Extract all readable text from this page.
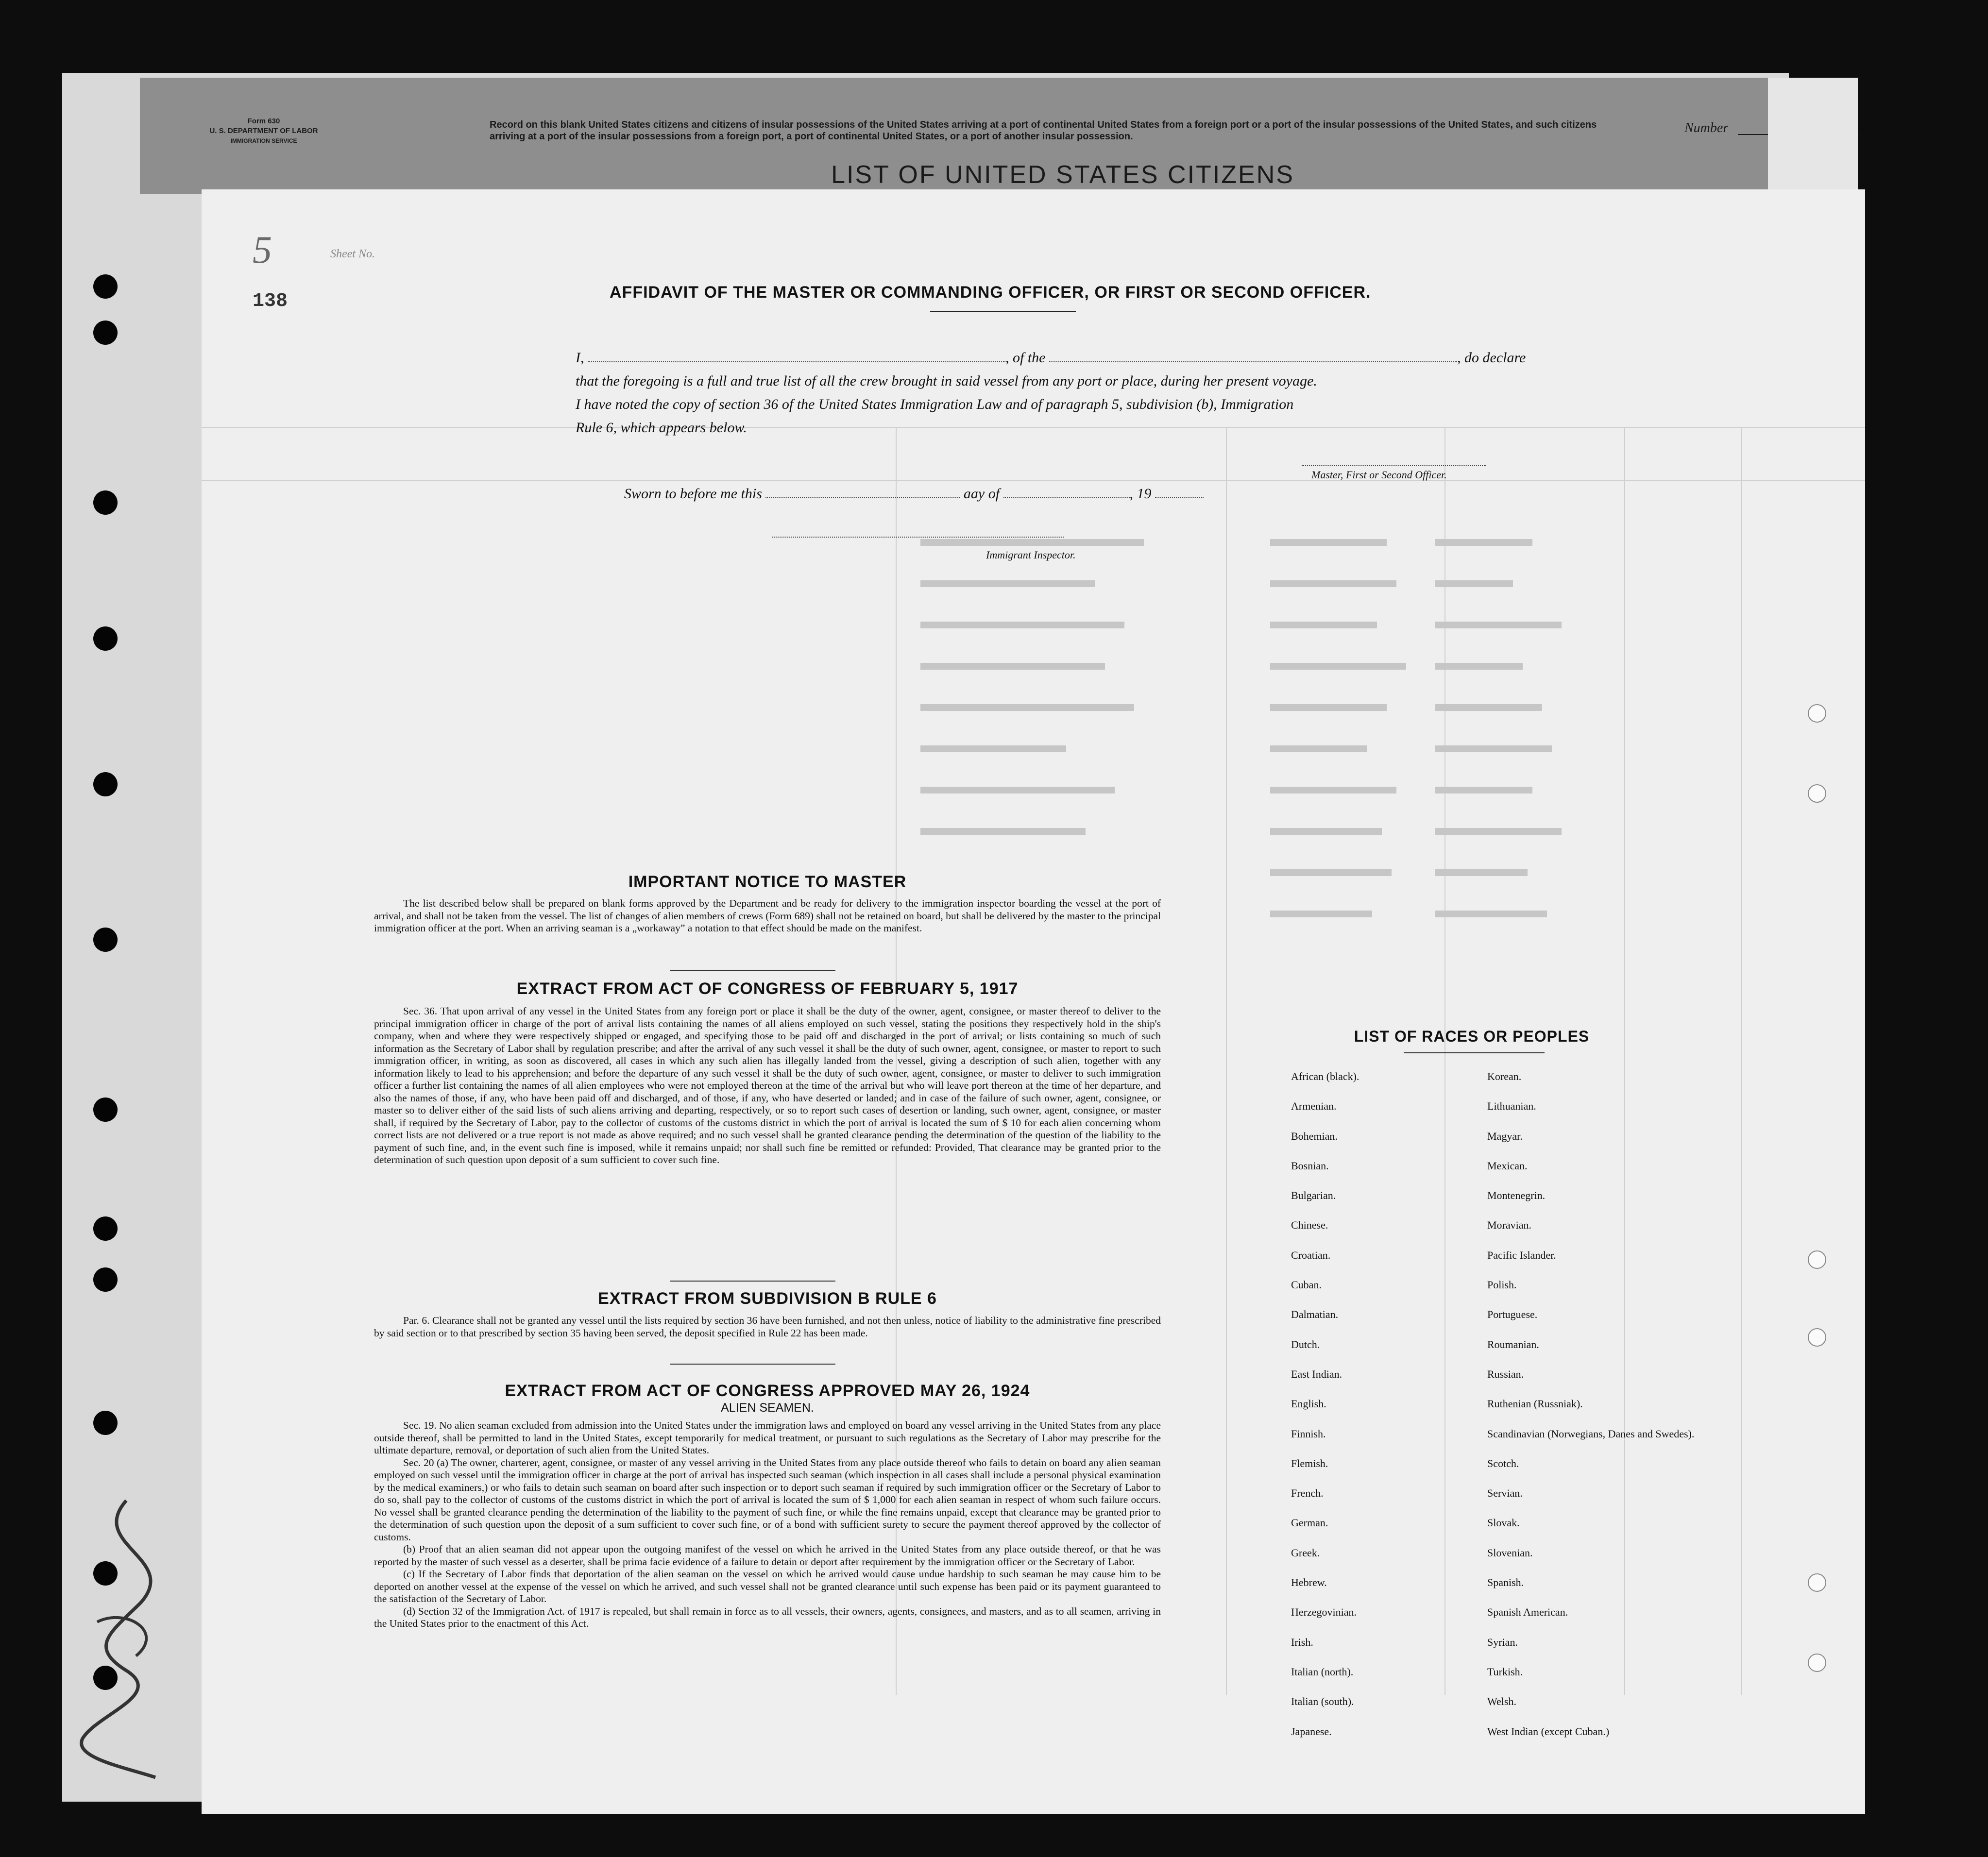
Form 630
U. S. DEPARTMENT OF LABOR
IMMIGRATION SERVICE
Record on this blank United States citizens and citizens of insular possessions of the United States arriving at a port of continental United States from a foreign port or a port of the insular possessions of the United States, and such citizens arriving at a port of the insular possessions from a foreign port, a port of continental United States, or a port of another insular possession.
LIST OF UNITED STATES CITIZENS
Number
5	Sheet No.
138	AFFIDAVIT OF THE MASTER OR COMMANDING OFFICER, OR FIRST OR SECOND OFFICER.
I,	, of the	, do declare
that the foregoing is a full and true list of all the crew brought in said vessel from any port or place, during her present voyage.
I have noted the copy of section 36 of the United States Immigration Law and of paragraph 5, subdivision (b), Immigration
Rule 6, which appears below.
Master, First or Second Officer.
Sworn to before me this	aay of	, 19
Immigrant Inspector.
IMPORTANT NOTICE TO MASTER

The list described below shall be prepared on blank forms approved by the Department and be ready for delivery to the immigration inspector boarding the vessel at the port of arrival, and shall not be taken from the vessel. The list of changes of alien members of crews (Form 689) shall not be retained on board, but shall be delivered by the master to the principal immigration officer at the port. When an arriving seaman is a „workaway” a notation to that effect should be made on the manifest.

EXTRACT FROM ACT OF CONGRESS OF FEBRUARY 5, 1917

Sec. 36. That upon arrival of any vessel in the United States from any foreign port or place it shall be the duty of the owner, agent, consignee, or master thereof to deliver to the principal immigration officer in charge of the port of arrival lists containing the names of all aliens employed on such vessel, stating the positions they respectively hold in the ship's company, when and where they were respectively shipped or engaged, and specifying those to be paid off and discharged in the port of arrival; or lists containing so much of such information as the Secretary of Labor shall by regulation prescribe; and after the arrival of any such vessel it shall be the duty of such owner, agent, consignee, or master to report to such immigration officer, in writing, as soon as discovered, all cases in which any such alien has illegally landed from the vessel, giving a description of such alien, together with any information likely to lead to his apprehension; and before the departure of any such vessel it shall be the duty of such owner, agent, consignee, or master to deliver to such immigration officer a further list containing the names of all alien employees who were not employed thereon at the time of the arrival but who will leave port thereon at the time of her departure, and also the names of those, if any, who have been paid off and discharged, and of those, if any, who have deserted or landed; and in case of the failure of such owner, agent, consignee, or master so to deliver either of the said lists of such aliens arriving and departing, respectively, or so to report such cases of desertion or landing, such owner, agent, consignee, or master shall, if required by the Secretary of Labor, pay to the collector of customs of the customs district in which the port of arrival is located the sum of $ 10 for each alien concerning whom correct lists are not delivered or a true report is not made as above required; and no such vessel shall be granted clearance pending the determination of the question of the liability to the payment of such fine, and, in the event such fine is imposed, while it remains unpaid; nor shall such fine be remitted or refunded: Provided, That clearance may be granted prior to the determination of such question upon deposit of a sum sufficient to cover such fine.

EXTRACT FROM SUBDIVISION B RULE 6

Par. 6. Clearance shall not be granted any vessel until the lists required by section 36 have been furnished, and not then unless, notice of liability to the administrative fine prescribed by said section or to that prescribed by section 35 having been served, the deposit specified in Rule 22 has been made.

EXTRACT FROM ACT OF CONGRESS APPROVED MAY 26, 1924
ALIEN SEAMEN.

Sec. 19. No alien seaman excluded from admission into the United States under the immigration laws and employed on board any vessel arriving in the United States from any place outside thereof, shall be permitted to land in the United States, except temporarily for medical treatment, or pursuant to such regulations as the Secretary of Labor may prescribe for the ultimate departure, removal, or deportation of such alien from the United States.

Sec. 20 (a) The owner, charterer, agent, consignee, or master of any vessel arriving in the United States from any place outside thereof who fails to detain on board any alien seaman employed on such vessel until the immigration officer in charge at the port of arrival has inspected such seaman (which inspection in all cases shall include a personal physical examination by the medical examiners,) or who fails to detain such seaman on board after such inspection or to deport such seaman if required by such immigration officer or the Secretary of Labor to do so, shall pay to the collector of customs of the customs district in which the port of arrival is located the sum of $ 1,000 for each alien seaman in respect of whom such failure occurs. No vessel shall be granted clearance pending the determination of the liability to the payment of such fine, or while the fine remains unpaid, except that clearance may be granted prior to the determination of such question upon the deposit of a sum sufficient to cover such fine, or of a bond with sufficient surety to secure the payment thereof approved by the collector of customs.

(b) Proof that an alien seaman did not appear upon the outgoing manifest of the vessel on which he arrived in the United States from any place outside thereof, or that he was reported by the master of such vessel as a deserter, shall be prima facie evidence of a failure to detain or deport after requirement by the immigration officer or the Secretary of Labor.

(c) If the Secretary of Labor finds that deportation of the alien seaman on the vessel on which he arrived would cause undue hardship to such seaman he may cause him to be deported on another vessel at the expense of the vessel on which he arrived, and such vessel shall not be granted clearance until such expense has been paid or its payment guaranteed to the satisfaction of the Secretary of Labor.

(d) Section 32 of the Immigration Act. of 1917 is repealed, but shall remain in force as to all vessels, their owners, agents, consignees, and masters, and as to all seamen, arriving in the United States prior to the enactment of this Act.

LIST OF RACES OR PEOPLES
African (black).
Armenian.
Bohemian.
Bosnian.
Bulgarian.
Chinese.
Croatian.
Cuban.
Dalmatian.
Dutch.
East Indian.
English.
Finnish.
Flemish.
French.
German.
Greek.
Hebrew.
Herzegovinian.
Irish.
Italian (north).
Italian (south).
Japanese.
Korean.
Lithuanian.
Magyar.
Mexican.
Montenegrin.
Moravian.
Pacific Islander.
Polish.
Portuguese.
Roumanian.
Russian.
Ruthenian (Russniak).
Scandinavian (Norwegians, Danes and Swedes).
Scotch.
Servian.
Slovak.
Slovenian.
Spanish.
Spanish American.
Syrian.
Turkish.
Welsh.
West Indian (except Cuban.)
